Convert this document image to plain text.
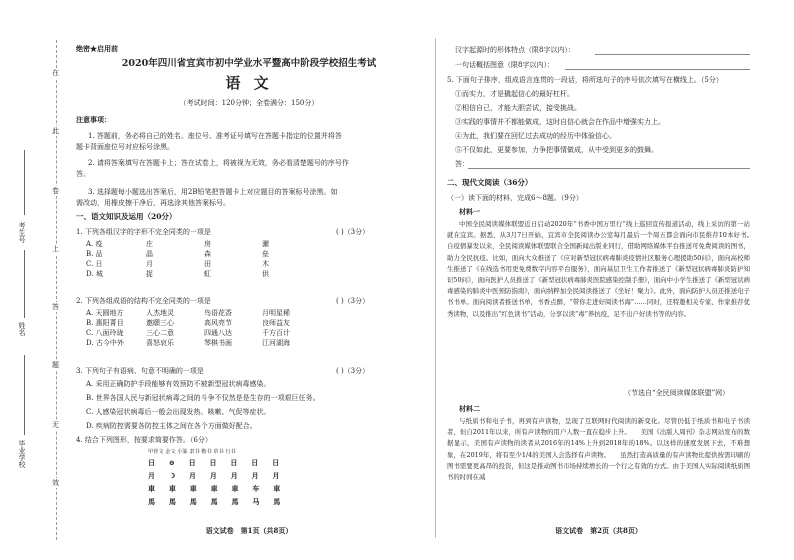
在
此
卷
上
答
题
无
效
考生号
姓名
毕业学校
绝密★启用前
2020年四川省宜宾市初中学业水平暨高中阶段学校招生考试
语 文
（考试时间：120分钟；全卷满分：150分）
注意事项：
1. 答题前，务必将自己的姓名、座位号、准考证号填写在答题卡指定的位置并将答
题卡背面座位号对应标号涂黑。
2. 请将答案填写在答题卡上；答在试卷上，将被视为无效，务必看清楚题号的序号作
答。
3. 选择题每小题选出答案后，用2B铅笔把答题卡上对应题目的答案标号涂黑。如
需改动，用橡皮擦干净后，再选涂其他答案标号。
一、语文知识及运用（20分）
1. 下列各组汉字的字形不完全同类的一项是	( )（3分）
A. 疫	庄	房	灑
B. 品	晶	森	垒
C. 日	月	田	木
D. 城	捉	虹	供
2. 下列各组成语的结构不完全同类的一项是	( )（3分）
A. 天圆地方	人杰地灵	鸟语花香	月明星稀
B. 惠阳菁目	邀願三心	高风亮节	良师益友
C. 八面玲珑	三心二意	四通八达	千方百计
D. 古今中外	喜怒哀乐	琴棋书画	江河湖海
3. 下列句子有语病、句意不明确的一项是	( )（3分）
A. 采用正确防护手段能够有效预防不被新型冠状病毒感染。
B. 世界各国人民与新冠状病毒之间的斗争不仅然是是生存的一项艰巨任务。
C. 人感染冠状病毒后一般会出现发热、咳嗽、气促等症状。
D. 疾病防控需要各防控主体之间在各个方面做好配合。
4. 结合下列图形，按要求简要作答。（6分）
甲骨文 金文 小篆 隶书 楷书 草书 行书
日  ⊖  日  日  日  日  日
月  ☽  月  月  月  月  月
車  車  車  車  車  车  車
馬  馬  馬  馬  馬  马  馬
语文试卷　第1页（共8页）
汉字起源时的形体特点（限8字以内）：
一句话概括图意（限8字以内）：
5. 下面句子排序，组成语言连贯的一段话，将所选句子的序号依次填写在横线上。（5分）
①而实力，才是撬起信心的最好杠杆。
②相信自己，才能大胆尝试，接受挑战。
③实践的事情并不都能做成，这时自信心就会在作品中增强实力上。
④为此，我们要在回忆过去成功的经历中体验信心。
⑤不仅如此，更要参加，力争把事情做成，从中受到更多的鼓舞。
答：
二、现代文阅读（36分）
（一）读下面的材料，完成6～8题。（9分）
材料一
中国全民阅读媒体联盟近日启动2020年“书香中国万里行”线上巡回宣传报道活动，线上采访的第一站就在宜宾。据悉，从3月7日开始，宜宾市全民阅读办公室每月最后一个周五都会面向市民推荐10本好书。　　自疫情暴发以来，全民阅读媒体联盟联合全国新闻出版业同行，借助网络媒体平台推送可免费阅读的图书，助力全民抗疫。比如，面向大众推送了《应对新型冠状病毒肺炎疫情社区服务心理援助50问》，面向高校师生推送了《在线选书用更免费数字内容平台服务》，面向基层卫生工作者推送了《新型冠状病毒肺炎防护知识50问》，面向医护人员推送了《新型冠状病毒肺炎医院感染控制手册》，面向中小学生推送了《新型冠状病毒感染的肺炎中医预防指南》，面向纳粹加全民阅读推送了《坐好！聚力》。此外，面向防护人员还推送电子书书单。面向阅读者推送书单，书香点醉，“带你走进好阅读书海”……同时，还特邀相关专家、作家推荐优秀读物，以及推出“红色读书”活动，分享以读“毒”养抗疫，足不出户好读书等的内容。
（节选自“全民阅读媒体联盟”网）
材料二
与纸质书和电子书，再到有声读物，呈现了互联网时代阅读的新变化。尽管仍低于纸质书和电子书读者，但自2011年以来，所有声读物的用户人数一直在稳步上升。　　美国《出版人周刊》杂志网站发布的数据显示，美国有声读物的读者从2016年的14%上升到2018年的18%。以这样的速度发展下去，不难想象，在2019年，将有至少1/4的美国人会选择有声读物。　　虽然打造高质量的有声读物比提供按需印刷的图书需要更高昂的投资，但这是推动图书市场持续增长的一个行之有效的方式。由于美国人实际阅读纸质图书的时间在减
语文试卷　第2页（共8页）
